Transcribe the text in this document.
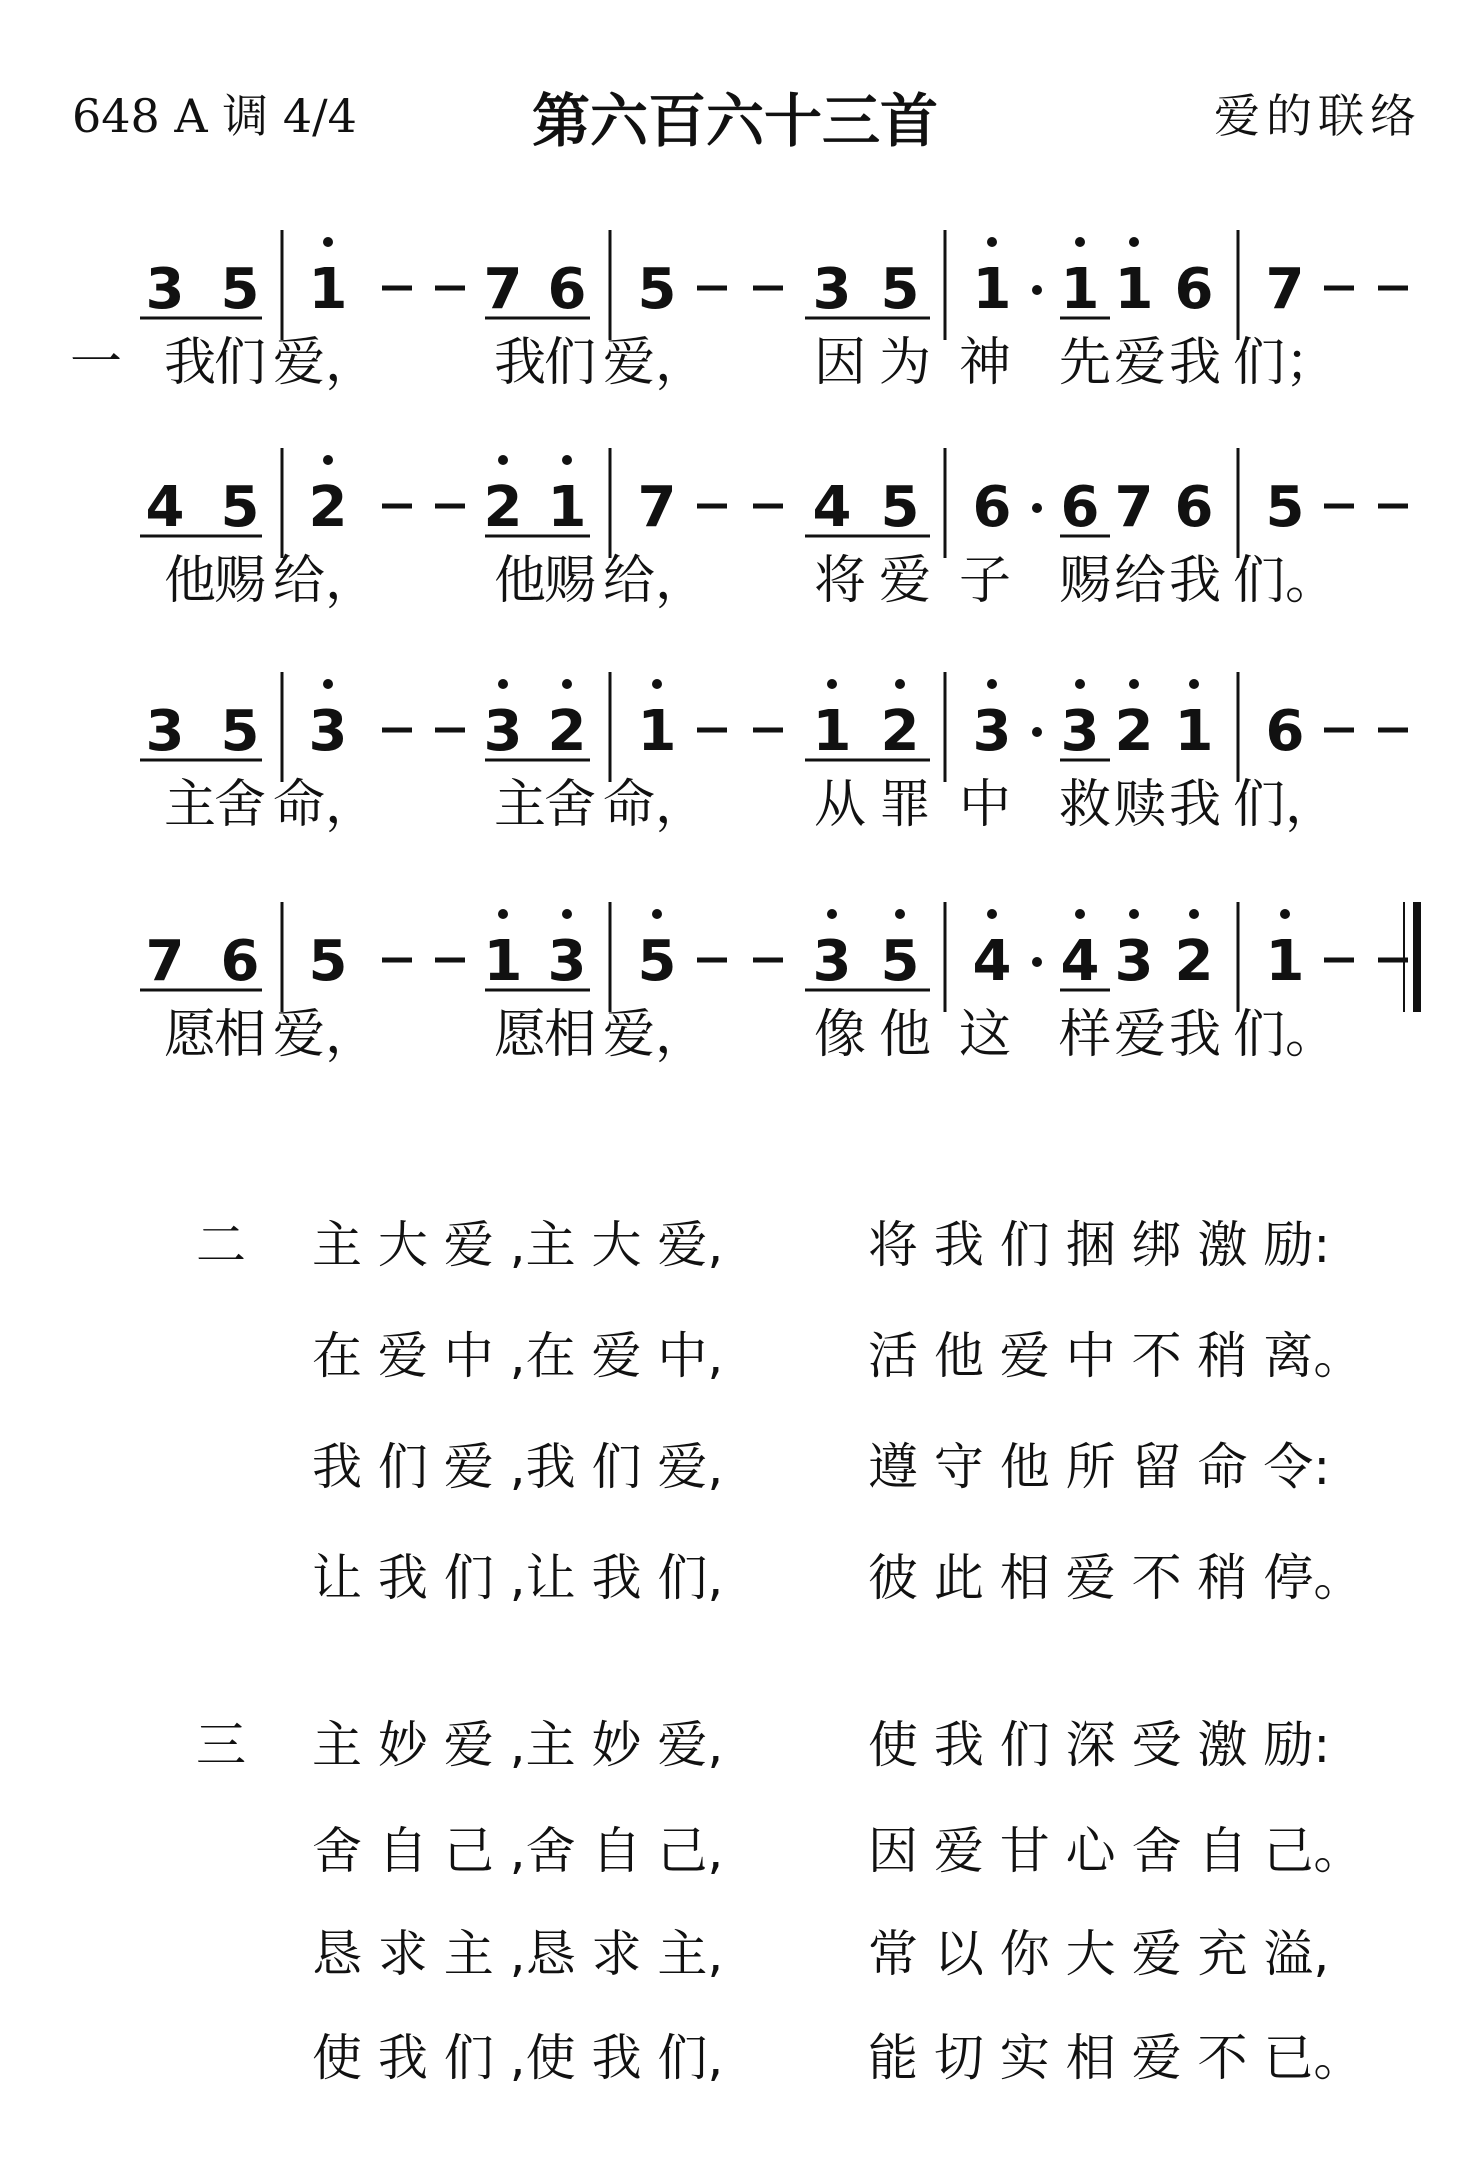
648 A 调 4/4	第六百六十三首	爱的联络
3 5 1 7 6 5 3 5 1 1 1 6 7
我
们 爱， 我
们 爱， 因 为 神 先 爱 我 们；
4 5 2 2 1 7 4 5 6 6 7 6 5
他
赐 给， 他
赐 给， 将 爱 子 赐 给 我 们。
3 5 3 3 2 1 1 2 3 3 2 1 6
主
舍 命， 主
舍 命， 从 罪 中 救 赎 我 们，
7 6 5 1 3 5 3 5 4 4 3 2 1
愿
相 爱， 愿
相 爱， 像 他 这 样 爱 我 们。
一
二 主 大 爱 ,主 大 爱,	将 我 们 捆 绑 激 励:
在 爱 中 ,在 爱 中,	活 他 爱 中 不 稍 离。
我 们 爱 ,我 们 爱,	遵 守 他 所 留 命 令:
让 我 们 ,让 我 们,	彼 此 相 爱 不 稍 停。
三 主 妙 爱 ,主 妙 爱,	使 我 们 深 受 激 励:
舍 自 己 ,舍 自 己,	因 爱 甘 心 舍 自 己。
恳 求 主 ,恳 求 主,	常 以 你 大 爱 充 溢,
使 我 们 ,使 我 们,	能 切 实 相 爱 不 已。
